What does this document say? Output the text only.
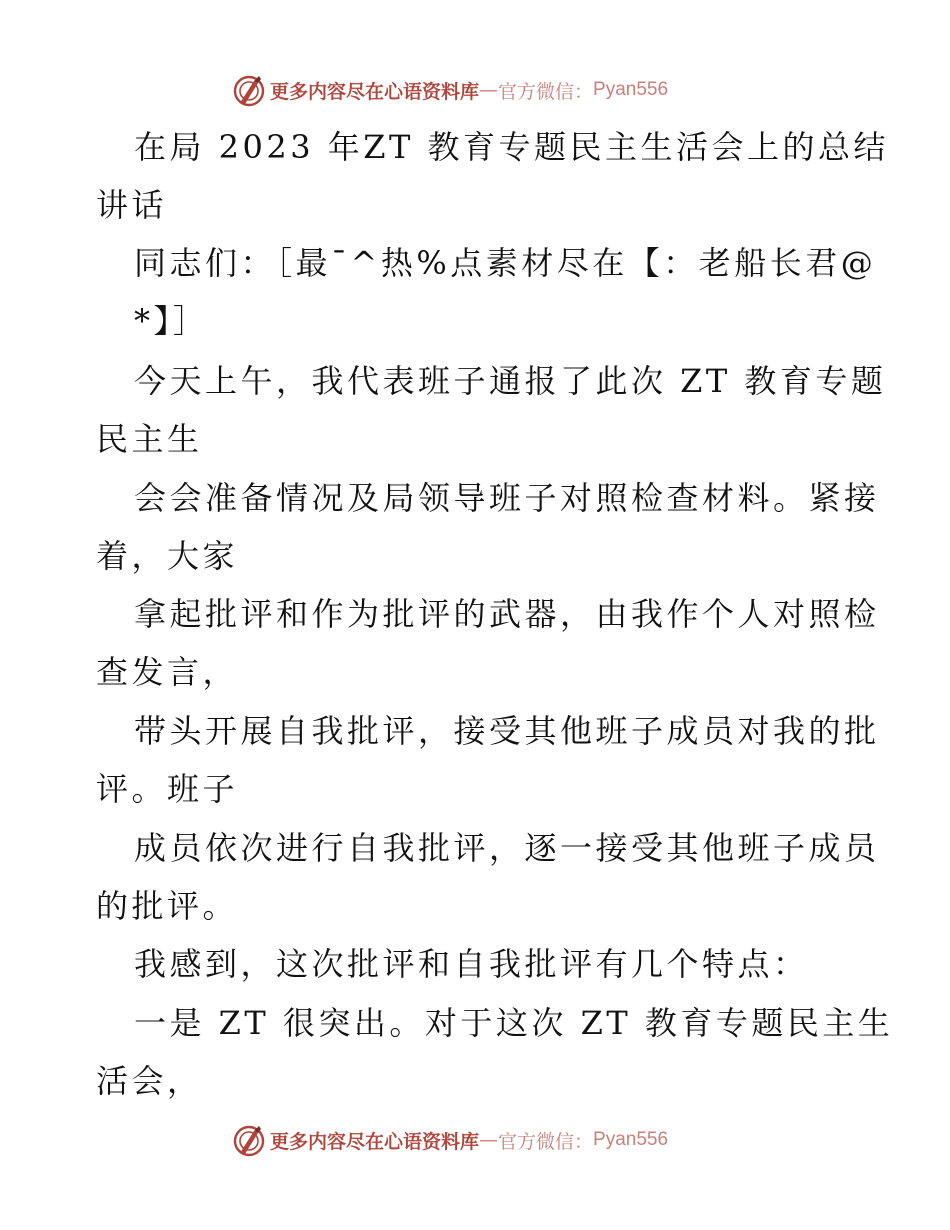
更多内容尽在心语资料库 — 官方微信： Pyan556
在局 2023 年ZT 教育专题民主生活会上的总结
讲话
同志们：［最¯^热%点素材尽在【：老船长君@
*】］
今天上午，我代表班子通报了此次 ZT 教育专题
民主生
会会准备情况及局领导班子对照检查材料。紧接
着，大家
拿起批评和作为批评的武器，由我作个人对照检
查发言，
带头开展自我批评，接受其他班子成员对我的批
评。班子
成员依次进行自我批评，逐一接受其他班子成员
的批评。
我感到，这次批评和自我批评有几个特点：
一是 ZT 很突出。对于这次 ZT 教育专题民主生
活会，
更多内容尽在心语资料库 — 官方微信： Pyan556
